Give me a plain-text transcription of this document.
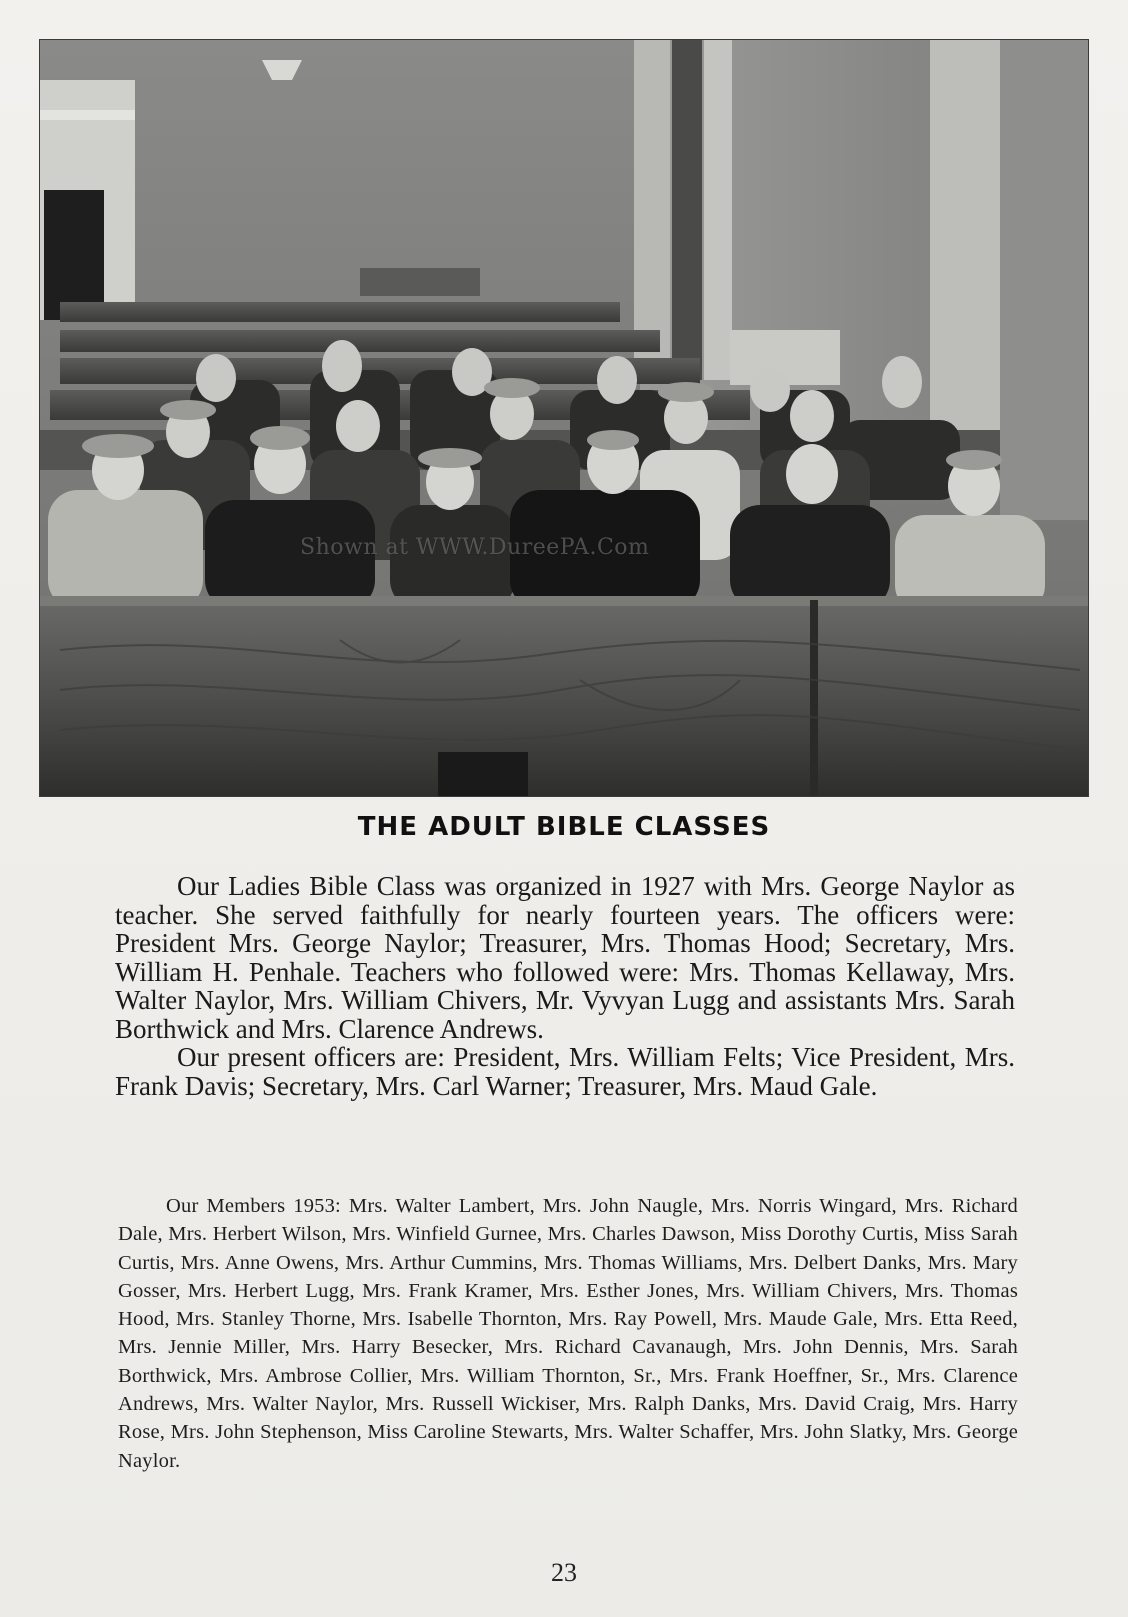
Shown at WWW.DureePA.Com
THE ADULT BIBLE CLASSES

Our Ladies Bible Class was organized in 1927 with Mrs. George Naylor as teacher. She served faithfully for nearly fourteen years. The officers were: President Mrs. George Naylor; Treasurer, Mrs. Thomas Hood; Secretary, Mrs. William H. Penhale. Teachers who followed were: Mrs. Thomas Kellaway, Mrs. Walter Naylor, Mrs. William Chivers, Mr. Vyvyan Lugg and assistants Mrs. Sarah Borthwick and Mrs. Clarence Andrews.

Our present officers are: President, Mrs. William Felts; Vice President, Mrs. Frank Davis; Secretary, Mrs. Carl Warner; Treasurer, Mrs. Maud Gale.

Our Members 1953: Mrs. Walter Lambert, Mrs. John Naugle, Mrs. Norris Wingard, Mrs. Richard Dale, Mrs. Herbert Wilson, Mrs. Winfield Gurnee, Mrs. Charles Dawson, Miss Dorothy Curtis, Miss Sarah Curtis, Mrs. Anne Owens, Mrs. Arthur Cummins, Mrs. Thomas Williams, Mrs. Delbert Danks, Mrs. Mary Gosser, Mrs. Herbert Lugg, Mrs. Frank Kramer, Mrs. Esther Jones, Mrs. William Chivers, Mrs. Thomas Hood, Mrs. Stanley Thorne, Mrs. Isabelle Thornton, Mrs. Ray Powell, Mrs. Maude Gale, Mrs. Etta Reed, Mrs. Jennie Miller, Mrs. Harry Besecker, Mrs. Richard Cavanaugh, Mrs. John Dennis, Mrs. Sarah Borthwick, Mrs. Ambrose Collier, Mrs. William Thornton, Sr., Mrs. Frank Hoeffner, Sr., Mrs. Clarence Andrews, Mrs. Walter Naylor, Mrs. Russell Wickiser, Mrs. Ralph Danks, Mrs. David Craig, Mrs. Harry Rose, Mrs. John Stephenson, Miss Caroline Stewarts, Mrs. Walter Schaffer, Mrs. John Slatky, Mrs. George Naylor.
23
